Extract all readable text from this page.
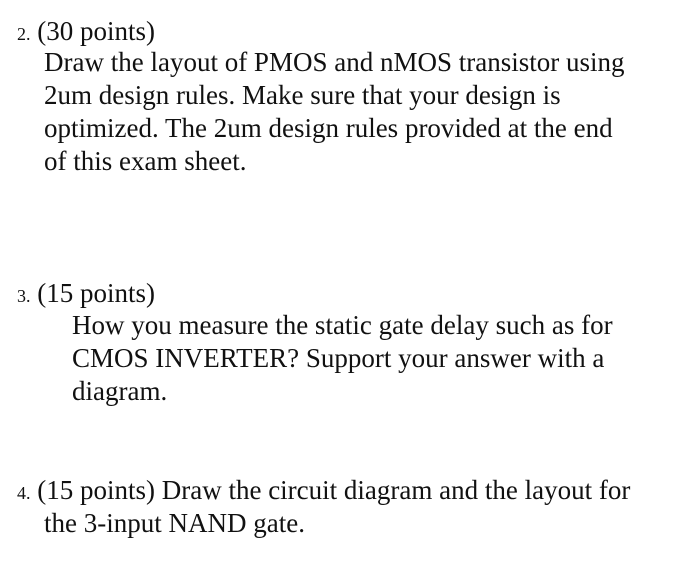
2. (30 points)
Draw the layout of PMOS and nMOS transistor using
2um design rules. Make sure that your design is
optimized. The 2um design rules provided at the end
of this exam sheet.
3. (15 points)
How you measure the static gate delay such as for
CMOS INVERTER? Support your answer with a
diagram.
4. (15 points) Draw the circuit diagram and the layout for
the 3-input NAND gate.
